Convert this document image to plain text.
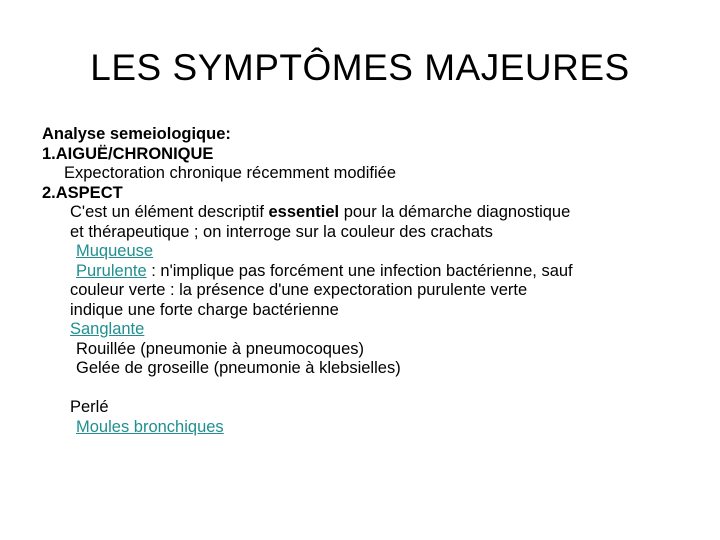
LES SYMPTÔMES MAJEURES
Analyse semeiologique:
1.AIGUË/CHRONIQUE
Expectoration chronique récemment modifiée
2.ASPECT
C'est un élément descriptif essentiel pour la démarche diagnostique
et thérapeutique ; on interroge sur la couleur des crachats
Muqueuse
Purulente : n'implique pas forcément une infection bactérienne, sauf
couleur verte : la présence d'une expectoration purulente verte
indique une forte charge bactérienne
Sanglante
Rouillée (pneumonie à pneumocoques)
Gelée de groseille (pneumonie à klebsielles)
Perlé
Moules bronchiques
